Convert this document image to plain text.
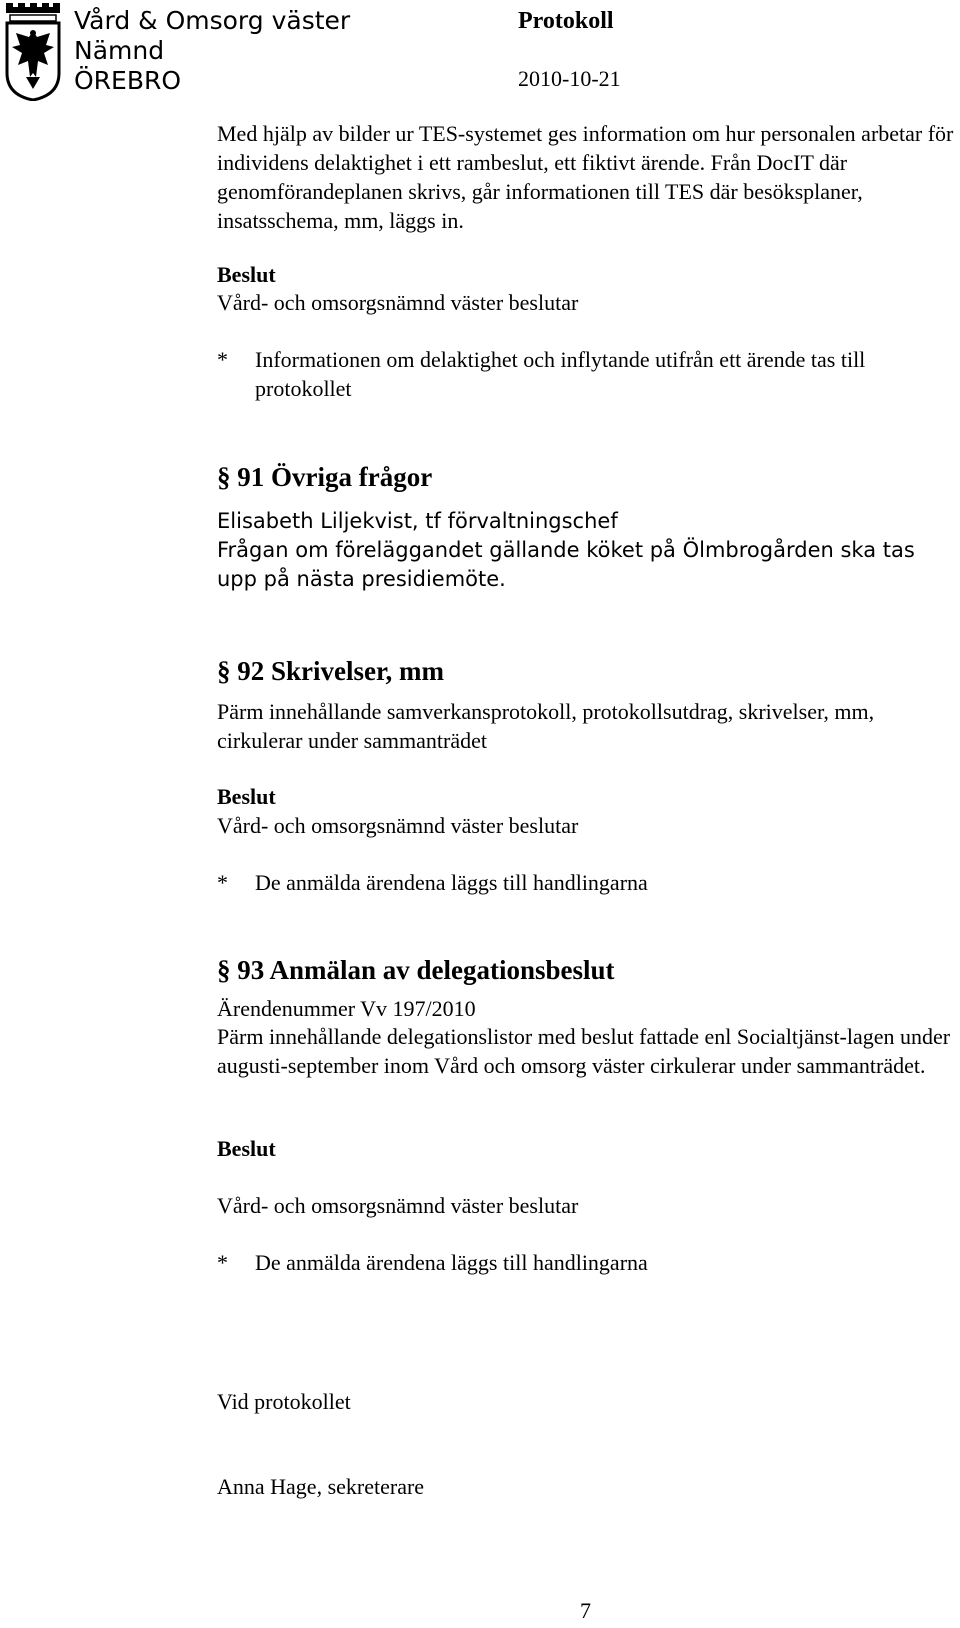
Vård & Omsorg väster
Nämnd
ÖREBRO
Protokoll
2010-10-21
Med hjälp av bilder ur TES-systemet ges information om hur personalen arbetar för individens delaktighet i ett rambeslut, ett fiktivt ärende. Från DocIT där genomförandeplanen skrivs, går informationen till TES där besöksplaner, insatsschema, mm, läggs in.
Beslut
Vård- och omsorgsnämnd väster beslutar
* Informationen om delaktighet och inflytande utifrån ett ärende tas till protokollet
§ 91 Övriga frågor
Elisabeth Liljekvist, tf förvaltningschef
Frågan om föreläggandet gällande köket på Ölmbrogården ska tas upp på nästa presidiemöte.
§ 92 Skrivelser, mm
Pärm innehållande samverkansprotokoll, protokollsutdrag, skrivelser, mm, cirkulerar under sammanträdet
Beslut
Vård- och omsorgsnämnd väster beslutar
* De anmälda ärendena läggs till handlingarna
§ 93 Anmälan av delegationsbeslut
Ärendenummer Vv 197/2010
Pärm innehållande delegationslistor med beslut fattade enl Socialtjänst-lagen under augusti-september inom Vård och omsorg väster cirkulerar under sammanträdet.
Beslut
Vård- och omsorgsnämnd väster beslutar
* De anmälda ärendena läggs till handlingarna
Vid protokollet
Anna Hage, sekreterare
7
